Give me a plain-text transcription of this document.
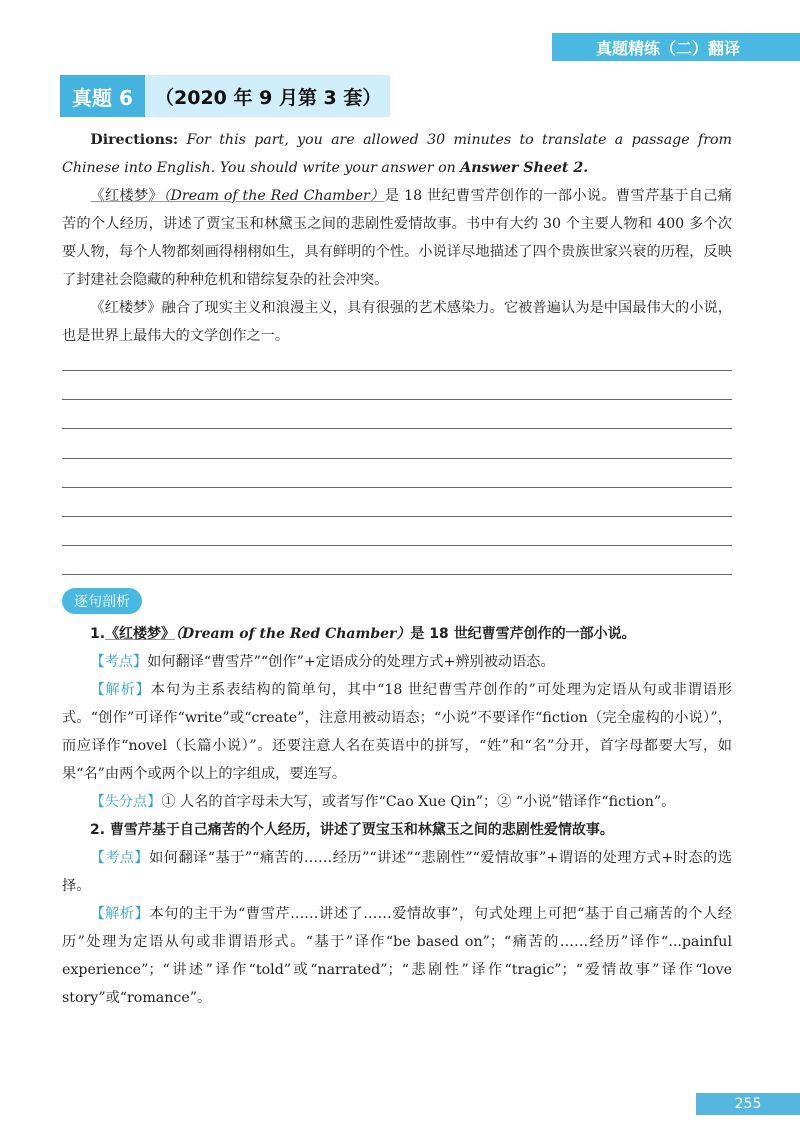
真题精练（二）翻译
真题 6	（2020 年 9 月第 3 套）

Directions: For this part, you are allowed 30 minutes to translate a passage from Chinese into English. You should write your answer on Answer Sheet 2.

《红楼梦》（Dream of the Red Chamber）是 18 世纪曹雪芹创作的一部小说。曹雪芹基于自己痛苦的个人经历，讲述了贾宝玉和林黛玉之间的悲剧性爱情故事。书中有大约 30 个主要人物和 400 多个次要人物，每个人物都刻画得栩栩如生，具有鲜明的个性。小说详尽地描述了四个贵族世家兴衰的历程，反映了封建社会隐藏的种种危机和错综复杂的社会冲突。

《红楼梦》融合了现实主义和浪漫主义，具有很强的艺术感染力。它被普遍认为是中国最伟大的小说，也是世界上最伟大的文学创作之一。

逐句剖析

1.《红楼梦》（Dream of the Red Chamber）是 18 世纪曹雪芹创作的一部小说。

【考点】如何翻译“曹雪芹”“创作”+定语成分的处理方式+辨别被动语态。

【解析】本句为主系表结构的简单句，其中“18 世纪曹雪芹创作的”可处理为定语从句或非谓语形式。“创作”可译作“write”或“create”，注意用被动语态；“小说”不要译作“fiction（完全虚构的小说）”，而应译作“novel（长篇小说）”。还要注意人名在英语中的拼写，“姓”和“名”分开，首字母都要大写，如果“名”由两个或两个以上的字组成，要连写。

【失分点】① 人名的首字母未大写，或者写作“Cao Xue Qin”；② “小说”错译作“fiction”。

2. 曹雪芹基于自己痛苦的个人经历，讲述了贾宝玉和林黛玉之间的悲剧性爱情故事。

【考点】如何翻译“基于”“痛苦的……经历”“讲述”“悲剧性”“爱情故事”+谓语的处理方式+时态的选择。

【解析】本句的主干为“曹雪芹……讲述了……爱情故事”，句式处理上可把“基于自己痛苦的个人经历”处理为定语从句或非谓语形式。“基于”译作“be based on”；“痛苦的……经历”译作“...painful experience”；“讲述”译作“told”或“narrated”；“悲剧性”译作“tragic”；“爱情故事”译作“love story”或“romance”。

255
